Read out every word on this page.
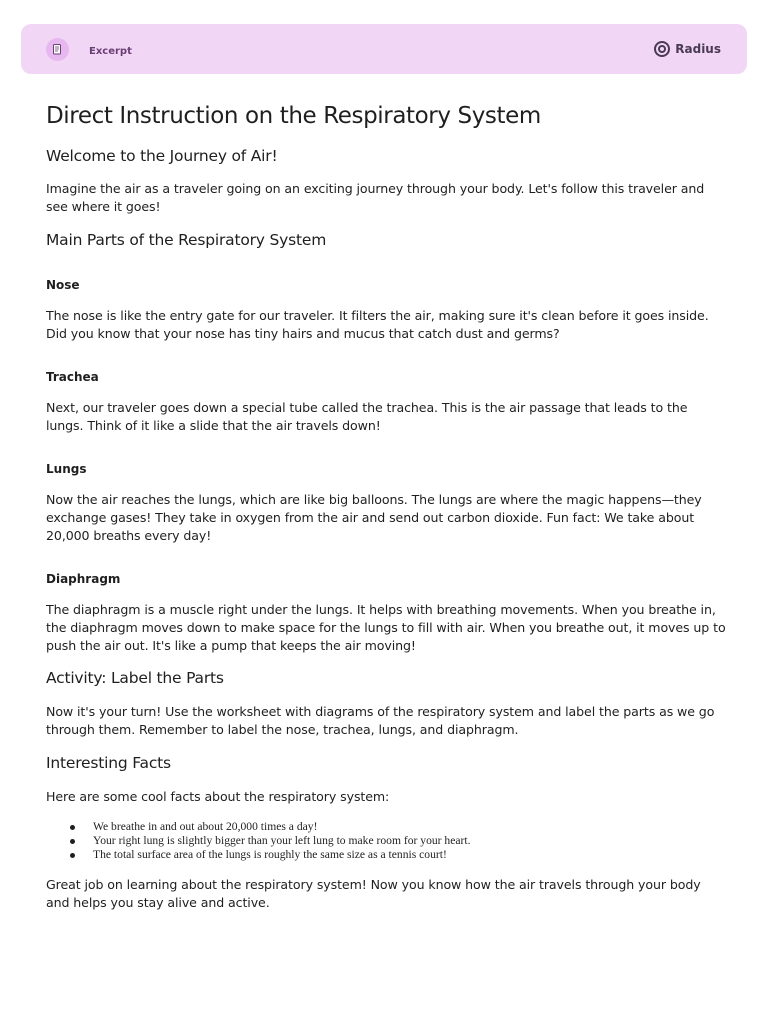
Excerpt	Radius
Direct Instruction on the Respiratory System
Welcome to the Journey of Air!

Imagine the air as a traveler going on an exciting journey through your body. Let's follow this traveler and see where it goes!

Main Parts of the Respiratory System
Nose

The nose is like the entry gate for our traveler. It filters the air, making sure it's clean before it goes inside. Did you know that your nose has tiny hairs and mucus that catch dust and germs?

Trachea

Next, our traveler goes down a special tube called the trachea. This is the air passage that leads to the lungs. Think of it like a slide that the air travels down!

Lungs

Now the air reaches the lungs, which are like big balloons. The lungs are where the magic happens—they exchange gases! They take in oxygen from the air and send out carbon dioxide. Fun fact: We take about 20,000 breaths every day!

Diaphragm

The diaphragm is a muscle right under the lungs. It helps with breathing movements. When you breathe in, the diaphragm moves down to make space for the lungs to fill with air. When you breathe out, it moves up to push the air out. It's like a pump that keeps the air moving!

Activity: Label the Parts

Now it's your turn! Use the worksheet with diagrams of the respiratory system and label the parts as we go through them. Remember to label the nose, trachea, lungs, and diaphragm.

Interesting Facts

Here are some cool facts about the respiratory system:

We breathe in and out about 20,000 times a day!
Your right lung is slightly bigger than your left lung to make room for your heart.
The total surface area of the lungs is roughly the same size as a tennis court!

Great job on learning about the respiratory system! Now you know how the air travels through your body and helps you stay alive and active.
